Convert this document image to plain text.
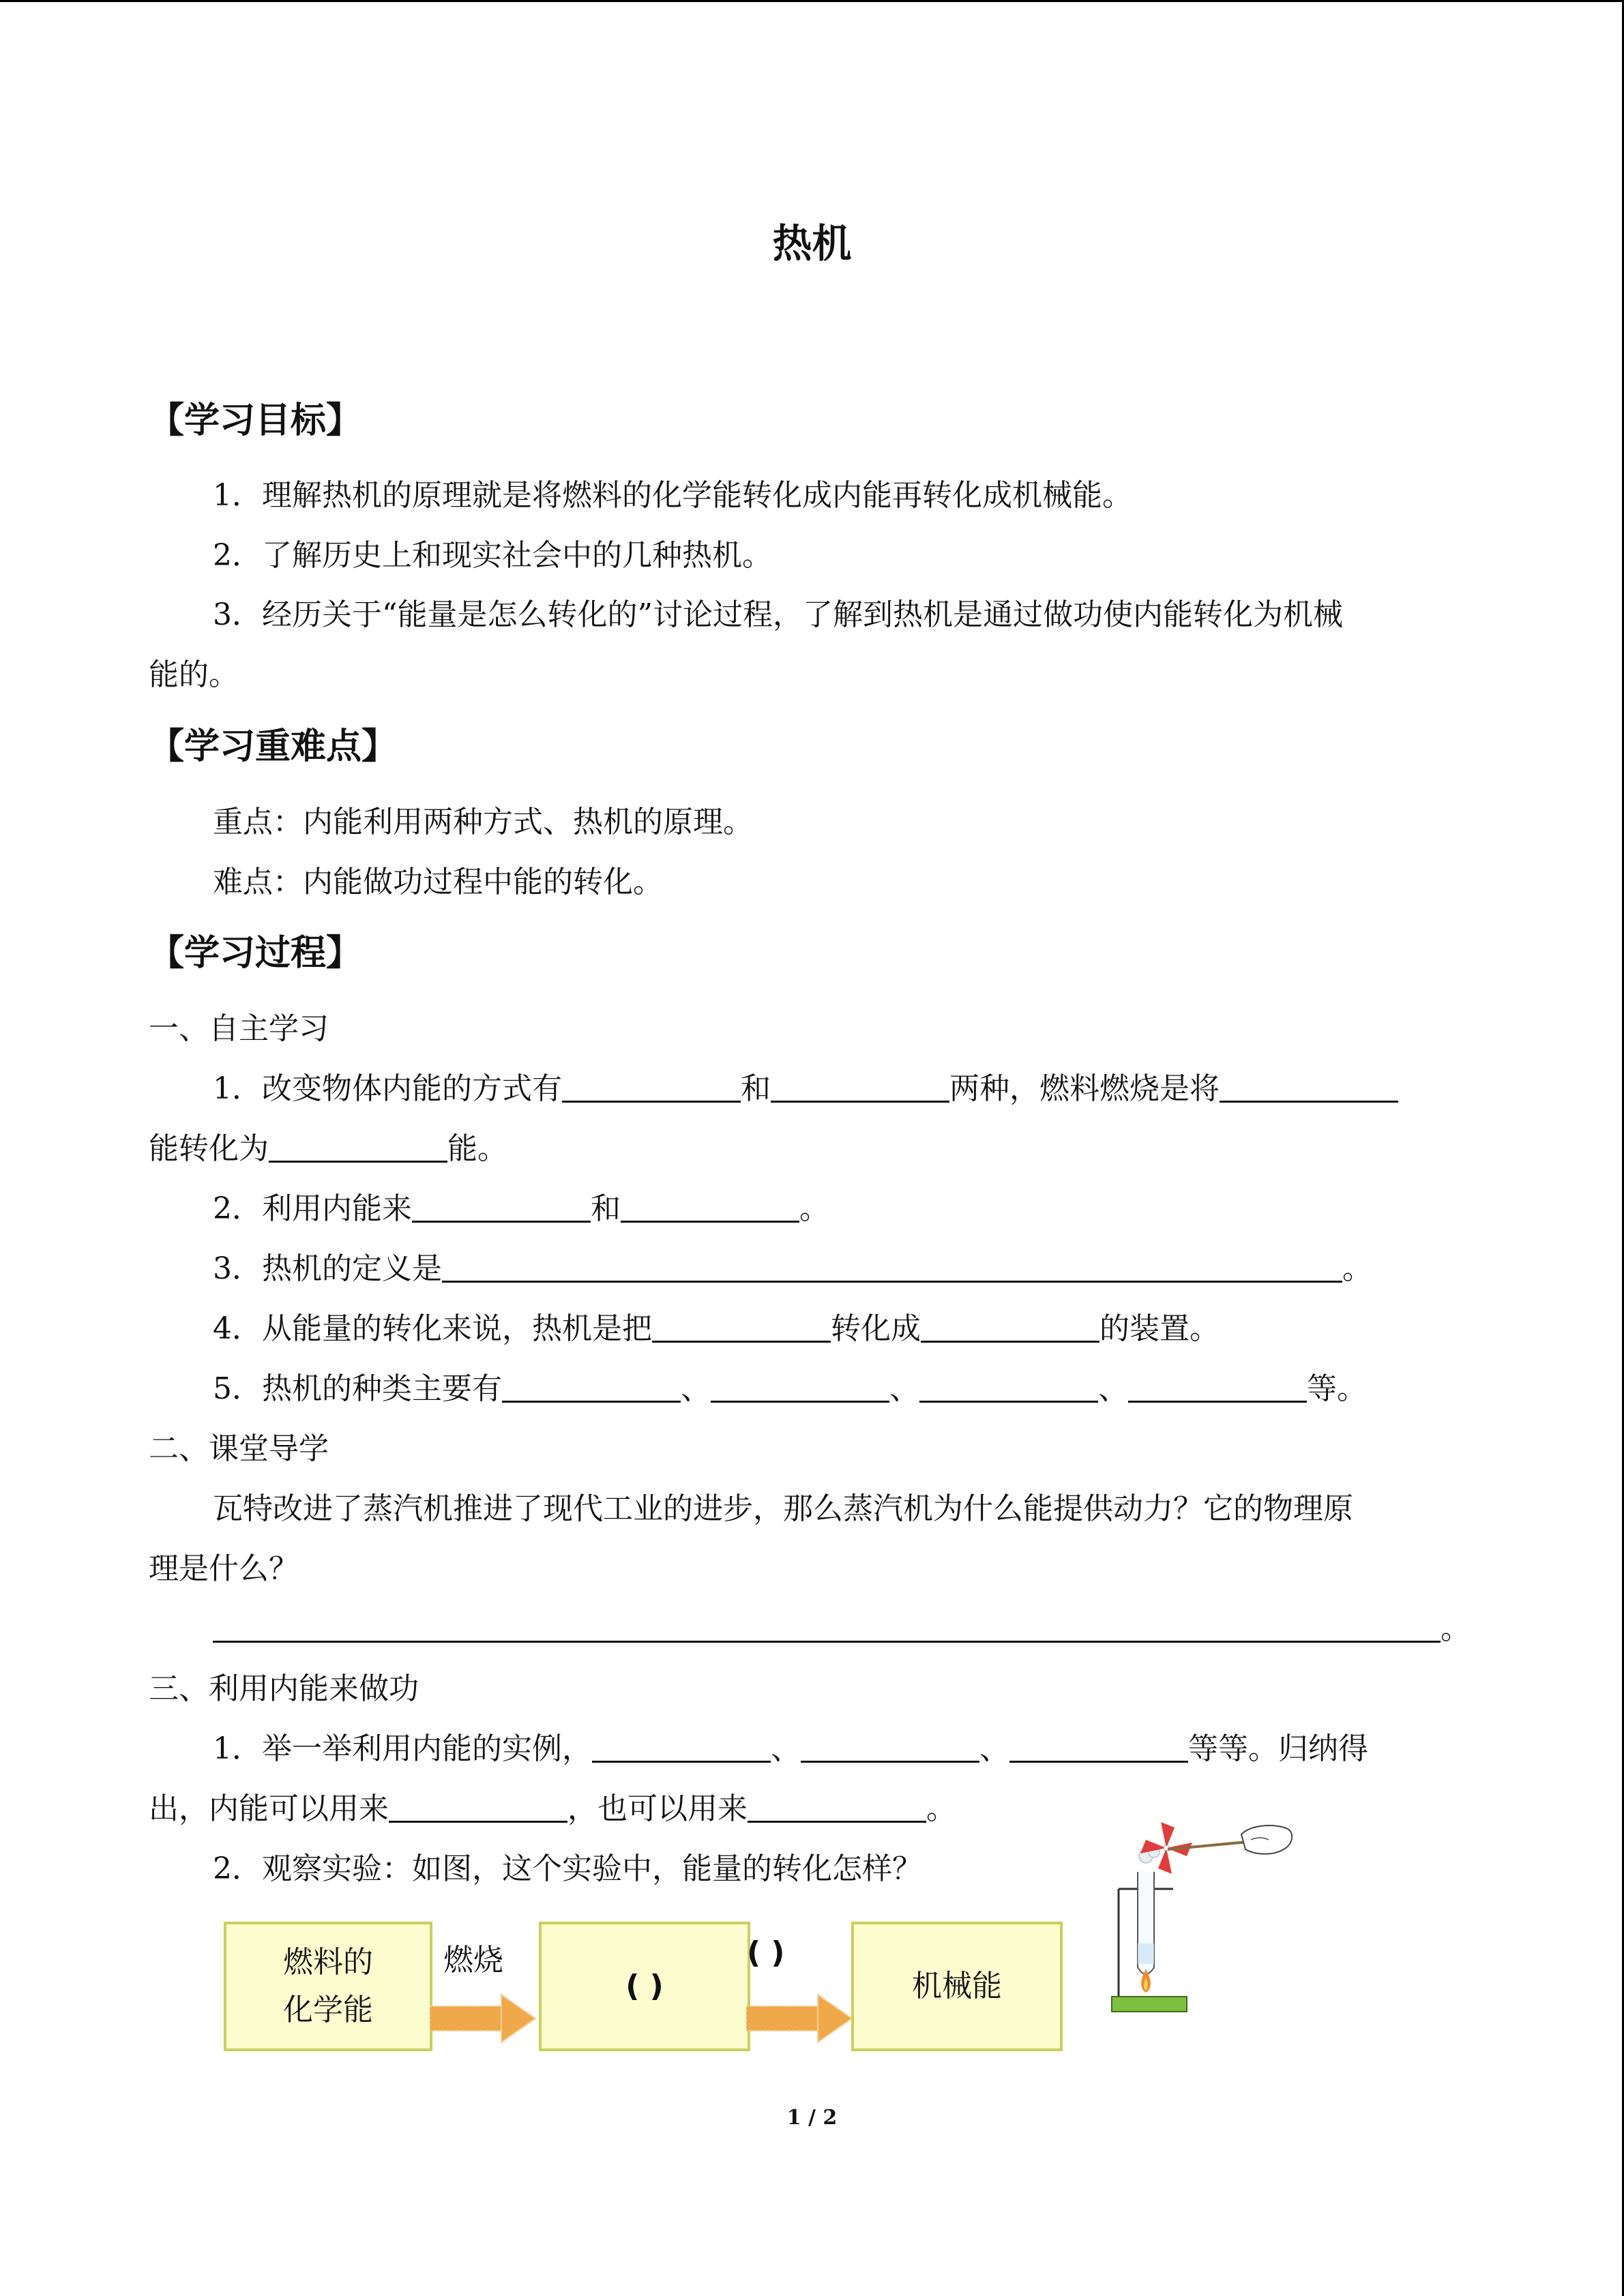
热机
【学习目标】
1．理解热机的原理就是将燃料的化学能转化成内能再转化成机械能。
2．了解历史上和现实社会中的几种热机。
3．经历关于“能量是怎么转化的”讨论过程，了解到热机是通过做功使内能转化为机械
能的。
【学习重难点】
重点：内能利用两种方式、热机的原理。
难点：内能做功过程中能的转化。
【学习过程】
一、自主学习
1．改变物体内能的方式有	和	两种，燃料燃烧是将
能转化为	能。
2．利用内能来	和	。
3．热机的定义是	。
4．从能量的转化来说，热机是把	转化成	的装置。
5．热机的种类主要有	、	、	、	等。
二、课堂导学
瓦特改进了蒸汽机推进了现代工业的进步，那么蒸汽机为什么能提供动力？它的物理原
理是什么？
。
三、利用内能来做功
1．举一举利用内能的实例，	、	、	等等。归纳得
出，内能可以用来	，也可以用来	。
2．观察实验：如图，这个实验中，能量的转化怎样？
燃料的
化学能
燃烧
( )
( )
机械能
1 / 2
